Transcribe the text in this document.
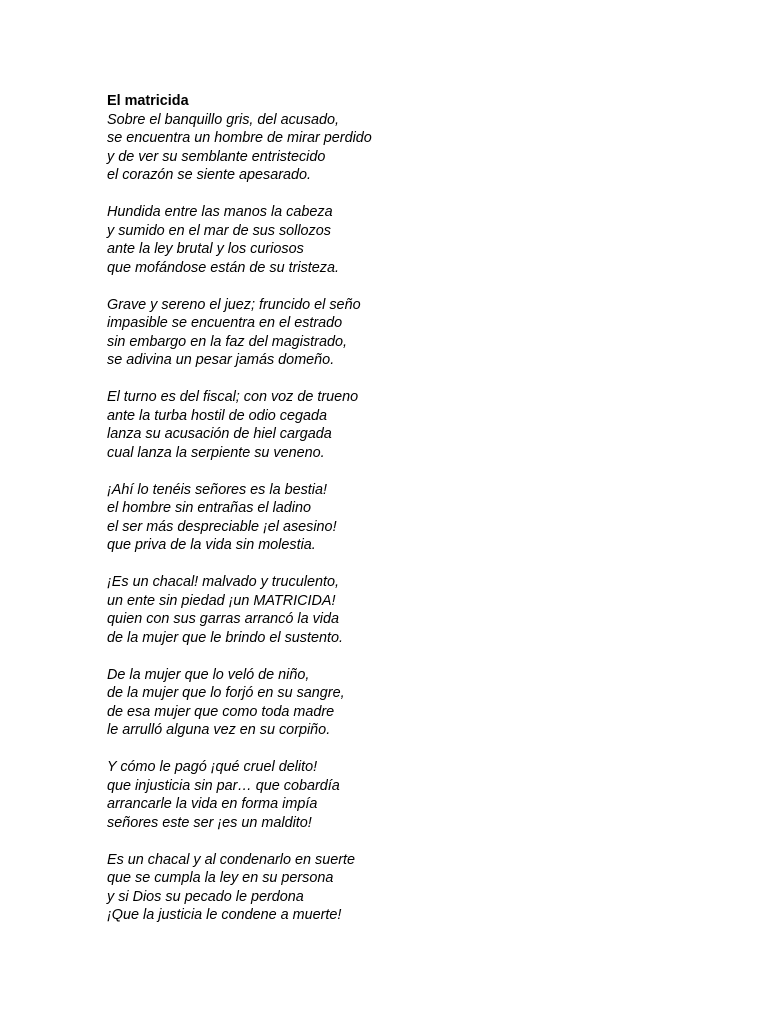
El matricida
Sobre el banquillo gris, del acusado,
se encuentra un hombre de mirar perdido
y de ver su semblante entristecido
el corazón se siente apesarado.
Hundida entre las manos la cabeza
y sumido en el mar de sus sollozos
ante la ley brutal y los curiosos
que mofándose están de su tristeza.
Grave y sereno el juez; fruncido el seño
impasible se encuentra en el estrado
sin embargo en la faz del magistrado,
se adivina un pesar jamás domeño.
El turno es del fiscal; con voz de trueno
ante la turba hostil de odio cegada
lanza su acusación de hiel cargada
cual lanza la serpiente su veneno.
¡Ahí lo tenéis señores es la bestia!
el hombre sin entrañas el ladino
el ser más despreciable ¡el asesino!
que priva de la vida sin molestia.
¡Es un chacal! malvado y truculento,
un ente sin piedad ¡un MATRICIDA!
quien con sus garras arrancó la vida
de la mujer que le brindo el sustento.
De la mujer que lo veló de niño,
de la mujer que lo forjó en su sangre,
de esa mujer que como toda madre
le arrulló alguna vez en su corpiño.
Y cómo le pagó ¡qué cruel delito!
que injusticia sin par… que cobardía
arrancarle la vida en forma impía
señores este ser ¡es un maldito!
Es un chacal y al condenarlo en suerte
que se cumpla la ley en su persona
y si Dios su pecado le perdona
¡Que la justicia le condene a muerte!
